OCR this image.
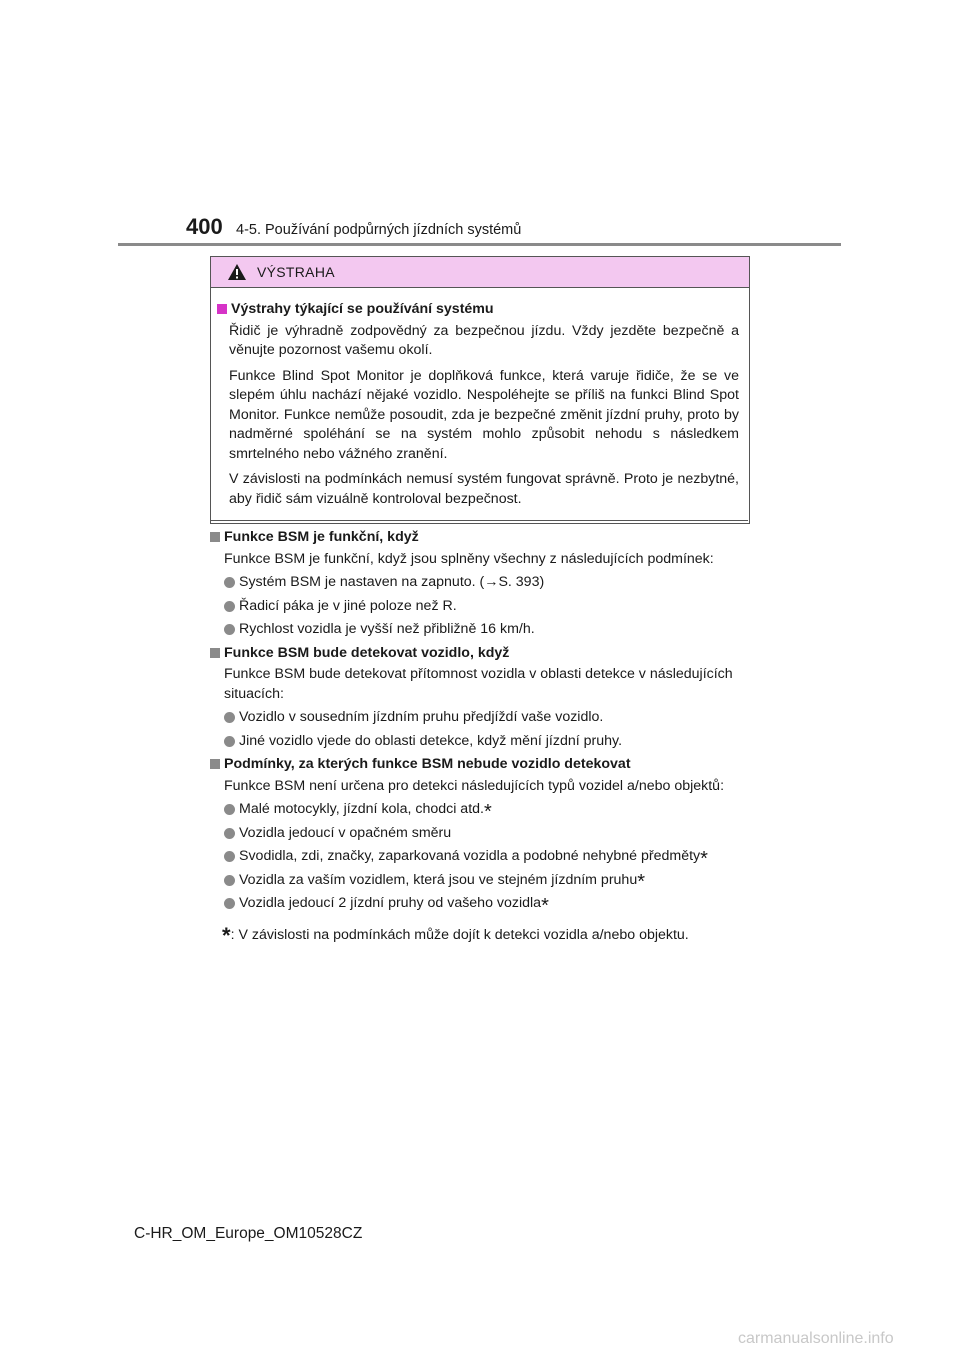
400 4-5. Používání podpůrných jízdních systémů
VÝSTRAHA
Výstrahy týkající se používání systému

Řidič je výhradně zodpovědný za bezpečnou jízdu. Vždy jezděte bezpečně a věnujte pozornost vašemu okolí.

Funkce Blind Spot Monitor je doplňková funkce, která varuje řidiče, že se ve slepém úhlu nachází nějaké vozidlo. Nespoléhejte se příliš na funkci Blind Spot Monitor. Funkce nemůže posoudit, zda je bezpečné změnit jízdní pruhy, proto by nadměrné spoléhání se na systém mohlo způsobit nehodu s následkem smrtelného nebo vážného zranění.

V závislosti na podmínkách nemusí systém fungovat správně. Proto je nezbytné, aby řidič sám vizuálně kontroloval bezpečnost.

Funkce BSM je funkční, když
Funkce BSM je funkční, když jsou splněny všechny z následujících podmínek:
Systém BSM je nastaven na zapnuto. (→S. 393)
Řadicí páka je v jiné poloze než R.
Rychlost vozidla je vyšší než přibližně 16 km/h.
Funkce BSM bude detekovat vozidlo, když
Funkce BSM bude detekovat přítomnost vozidla v oblasti detekce v následujících situacích:
Vozidlo v sousedním jízdním pruhu předjíždí vaše vozidlo.
Jiné vozidlo vjede do oblasti detekce, když mění jízdní pruhy.
Podmínky, za kterých funkce BSM nebude vozidlo detekovat
Funkce BSM není určena pro detekci následujících typů vozidel a/nebo objektů:
Malé motocykly, jízdní kola, chodci atd.*
Vozidla jedoucí v opačném směru
Svodidla, zdi, značky, zaparkovaná vozidla a podobné nehybné předměty*
Vozidla za vaším vozidlem, která jsou ve stejném jízdním pruhu*
Vozidla jedoucí 2 jízdní pruhy od vašeho vozidla*
*: V závislosti na podmínkách může dojít k detekci vozidla a/nebo objektu.
C-HR_OM_Europe_OM10528CZ
carmanualsonline.info
